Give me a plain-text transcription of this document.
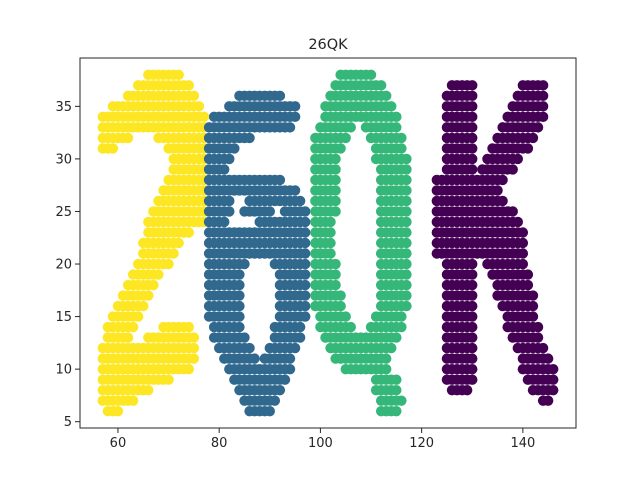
26QK
60	80	100	120	140
5
10
15
20
25
30
35
